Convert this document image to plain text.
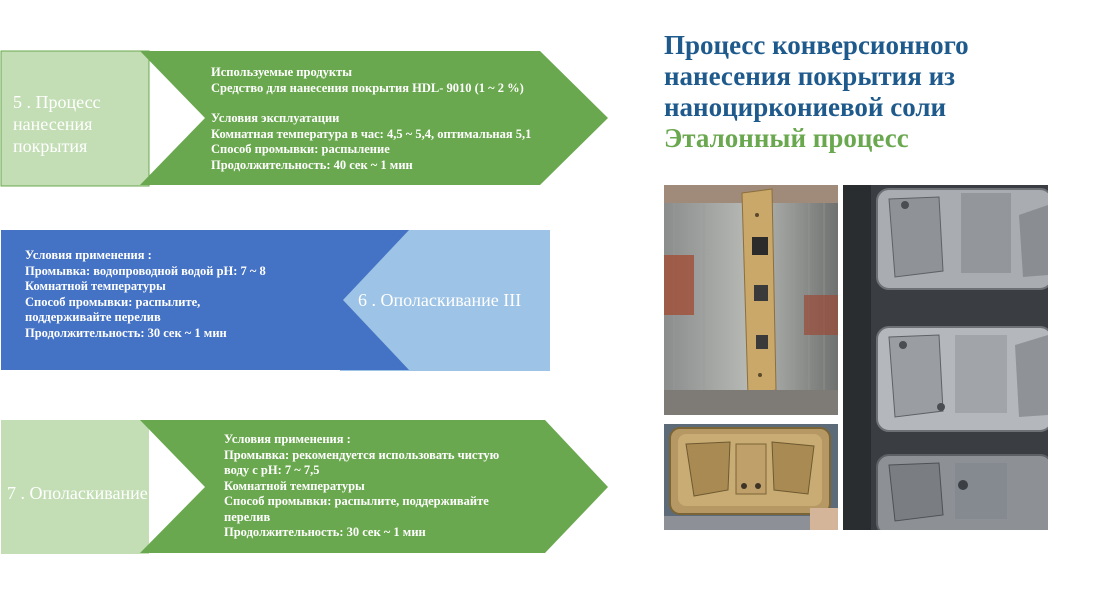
5 . Процесс нанесения покрытия
Используемые продукты
Средство для нанесения покрытия HDL- 9010 (1 ~ 2 %)
Условия эксплуатации
Комнатная температура в час: 4,5 ~ 5,4, оптимальная 5,1
Способ промывки: распыление
Продолжительность: 40 сек ~ 1 мин
6 . Ополаскивание III
Условия применения :
Промывка: водопроводной водой pH: 7 ~ 8
Комнатной температуры
Способ промывки: распылите,
поддерживайте перелив
Продолжительность: 30 сек ~ 1 мин
7 . Ополаскивание IV
Условия применения :
Промывка: рекомендуется использовать чистую
воду с pH: 7 ~ 7,5
Комнатной температуры
Способ промывки: распылите, поддерживайте
перелив
Продолжительность: 30 сек ~ 1 мин
Процесс конверсионного
нанесения покрытия из
наноциркониевой соли
Эталонный процесс
